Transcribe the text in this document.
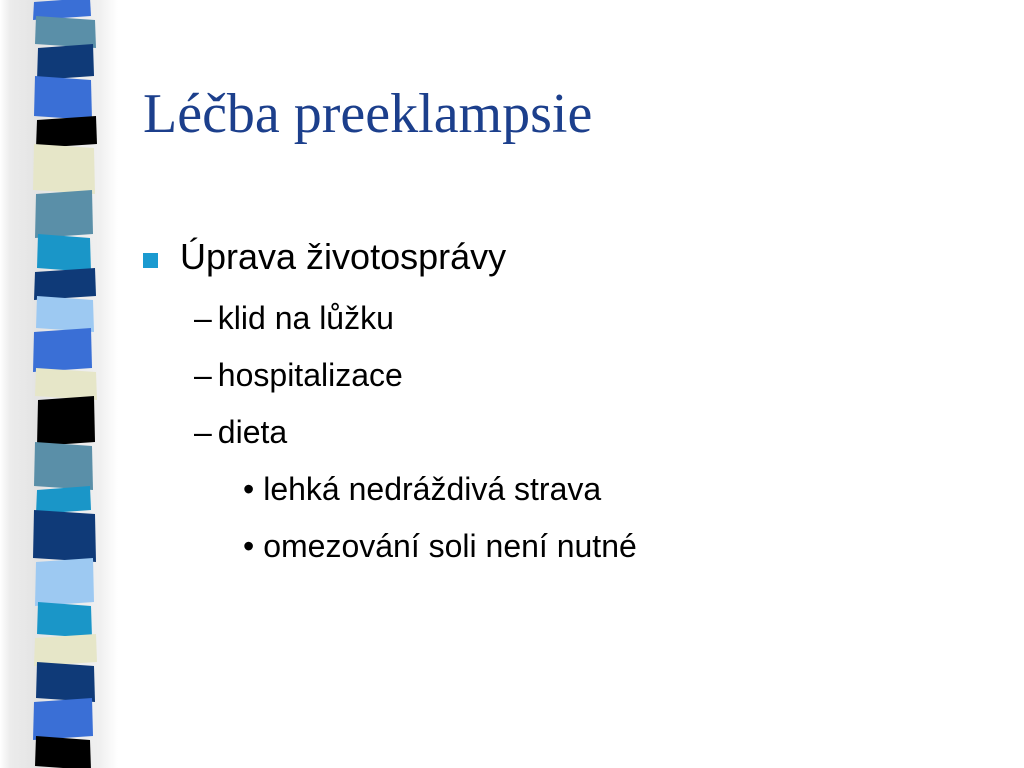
Léčba preeklampsie
Úprava životosprávy
– klid na lůžku
– hospitalizace
– dieta
• lehká nedráždivá strava
• omezování soli není nutné
